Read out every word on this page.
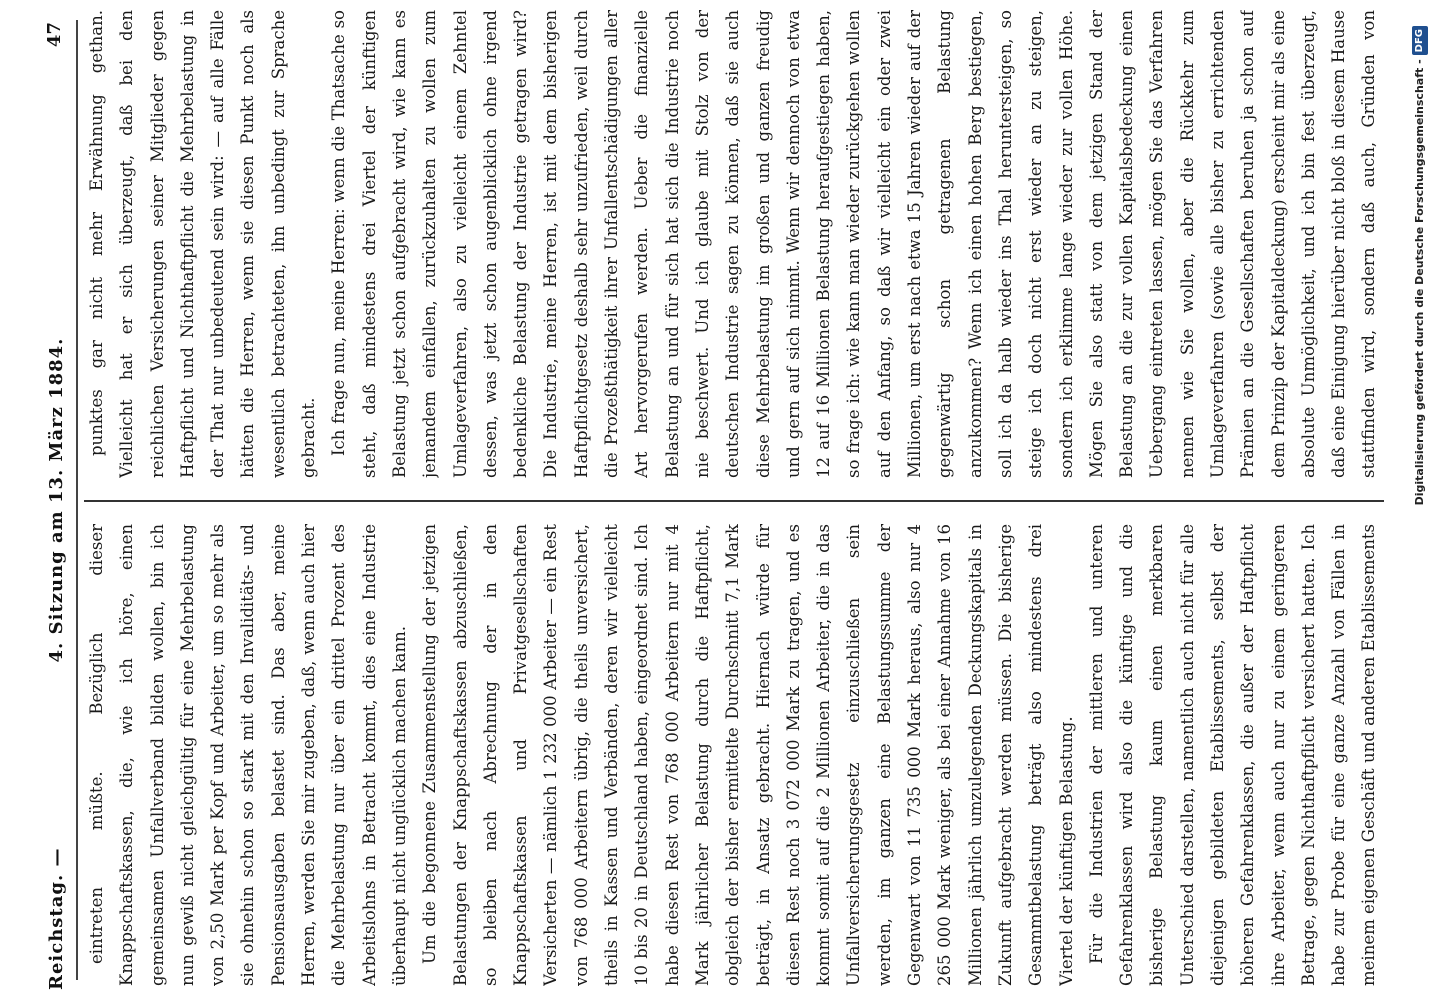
Reichstag. —
4. Sitzung am 13. März 1884.
47

eintreten müßte. Bezüglich dieser Knappschaftskassen, die, wie ich höre, einen gemeinsamen Unfallverband bilden wollen, bin ich nun gewiß nicht gleichgültig für eine Mehrbelastung von 2,50 Mark per Kopf und Arbeiter, um so mehr als sie ohnehin schon so stark mit den Invaliditäts- und Pensionsausgaben belastet sind. Das aber, meine Herren, werden Sie mir zugeben, daß, wenn auch hier die Mehrbelastung nur über ein drittel Prozent des Arbeitslohns in Betracht kommt, dies eine Industrie überhaupt nicht unglücklich machen kann. Um die begonnene Zusammenstellung der jetzigen Belastungen der Knappschaftskassen abzuschließen, so bleiben nach Abrechnung der in den Knappschaftskassen und Privatgesellschaften Versicherten — nämlich 1 232 000 Arbeiter — ein Rest von 768 000 Arbeitern übrig, die theils unversichert, theils in Kassen und Verbänden, deren wir vielleicht 10 bis 20 in Deutschland haben, eingeordnet sind. Ich habe diesen Rest von 768 000 Arbeitern nur mit 4 Mark jährlicher Belastung durch die Haftpflicht, obgleich der bisher ermittelte Durchschnitt 7,1 Mark beträgt, in Ansatz gebracht. Hiernach würde für diesen Rest noch 3 072 000 Mark zu tragen, und es kommt somit auf die 2 Millionen Arbeiter, die in das Unfallversicherungsgesetz einzuschließen sein werden, im ganzen eine Belastungssumme der Gegenwart von 11 735 000 Mark heraus, also nur 4 265 000 Mark weniger, als bei einer Annahme von 16 Millionen jährlich umzulegenden Deckungskapitals in Zukunft aufgebracht werden müssen. Die bisherige Gesammtbelastung beträgt also mindestens drei Viertel der künftigen Belastung. Für die Industrien der mittleren und unteren Gefahrenklassen wird also die künftige und die bisherige Belastung kaum einen merkbaren Unterschied darstellen, namentlich auch nicht für alle diejenigen gebildeten Etablissements, selbst der höheren Gefahrenklassen, die außer der Haftpflicht ihre Arbeiter, wenn auch nur zu einem geringeren Betrage, gegen Nichthaftpflicht versichert hatten. Ich habe zur Probe für eine ganze Anzahl von Fällen in meinem eigenen Geschäft und anderen Etablissements

punktes gar nicht mehr Erwähnung gethan. Vielleicht hat er sich überzeugt, daß bei den reichlichen Versicherungen seiner Mitglieder gegen Haftpflicht und Nichthaftpflicht die Mehrbelastung in der That nur unbedeutend sein wird: — auf alle Fälle hätten die Herren, wenn sie diesen Punkt noch als wesentlich betrachteten, ihn unbedingt zur Sprache gebracht. Ich frage nun, meine Herren: wenn die Thatsache so steht, daß mindestens drei Viertel der künftigen Belastung jetzt schon aufgebracht wird, wie kann es jemandem einfallen, zurückzuhalten zu wollen zum Umlageverfahren, also zu vielleicht einem Zehntel dessen, was jetzt schon augenblicklich ohne irgend bedenkliche Belastung der Industrie getragen wird? Die Industrie, meine Herren, ist mit dem bisherigen Haftpflichtgesetz deshalb sehr unzufrieden, weil durch die Prozeßthätigkeit ihrer Unfallentschädigungen aller Art hervorgerufen werden. Ueber die finanzielle Belastung an und für sich hat sich die Industrie noch nie beschwert. Und ich glaube mit Stolz von der deutschen Industrie sagen zu können, daß sie auch diese Mehrbelastung im großen und ganzen freudig und gern auf sich nimmt. Wenn wir dennoch von etwa 12 auf 16 Millionen Belastung heraufgestiegen haben, so frage ich: wie kann man wieder zurückgehen wollen auf den Anfang, so daß wir vielleicht ein oder zwei Millionen, um erst nach etwa 15 Jahren wieder auf der gegenwärtig schon getragenen Belastung anzukommen? Wenn ich einen hohen Berg bestiegen, soll ich da halb wieder ins Thal heruntersteigen, so steige ich doch nicht erst wieder an zu steigen, sondern ich erklimme lange wieder zur vollen Höhe. Mögen Sie also statt von dem jetzigen Stand der Belastung an die zur vollen Kapitalsbedeckung einen Uebergang eintreten lassen, mögen Sie das Verfahren nennen wie Sie wollen, aber die Rückkehr zum Umlageverfahren (sowie alle bisher zu errichtenden Prämien an die Gesellschaften beruhen ja schon auf dem Prinzip der Kapitaldeckung) erscheint mir als eine absolute Unmöglichkeit, und ich bin fest überzeugt, daß eine Einigung hierüber nicht bloß in diesem Hause stattfinden wird, sondern daß auch, Gründen von

Digitalisierung gefördert durch die Deutsche Forschungsgemeinschaft -DFG
